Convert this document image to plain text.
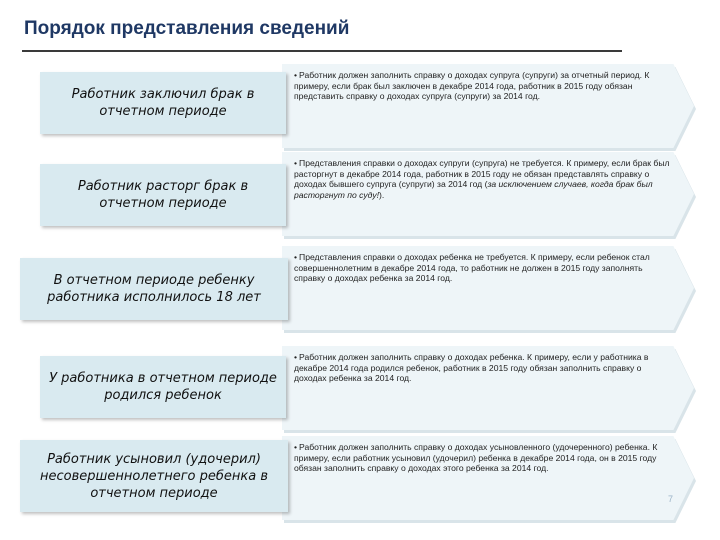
Порядок представления сведений
Работник заключил брак в отчетном периоде
• Работник должен заполнить справку о доходах супруга (супруги) за отчетный период. К примеру, если брак был заключен в декабре 2014 года, работник в 2015 году обязан представить справку о доходах супруга (супруги) за 2014 год.
Работник расторг брак в отчетном периоде
• Представления справки о доходах супруги (супруга) не требуется. К примеру, если брак был расторгнут в декабре 2014 года, работник в 2015 году не обязан представлять справку о доходах бывшего супруга (супруги) за 2014 год (за исключением случаев, когда брак был расторгнут по суду!).
В отчетном периоде ребенку работника исполнилось 18 лет
• Представления справки о доходах ребенка не требуется. К примеру, если ребенок стал совершеннолетним в декабре 2014 года, то работник не должен в 2015 году заполнять справку о доходах ребенка за 2014 год.
У работника в отчетном периоде родился ребенок
• Работник должен заполнить справку о доходах ребенка. К примеру, если у работника в декабре 2014 года родился ребенок, работник в 2015 году обязан заполнить справку о доходах ребенка за 2014 год.
Работник усыновил (удочерил) несовершеннолетнего ребенка в отчетном периоде
• Работник должен заполнить справку о доходах усыновленного (удочеренного) ребенка. К примеру, если работник усыновил (удочерил) ребенка в декабре 2014 года, он в 2015 году обязан заполнить справку о доходах этого ребенка за 2014 год.
7
